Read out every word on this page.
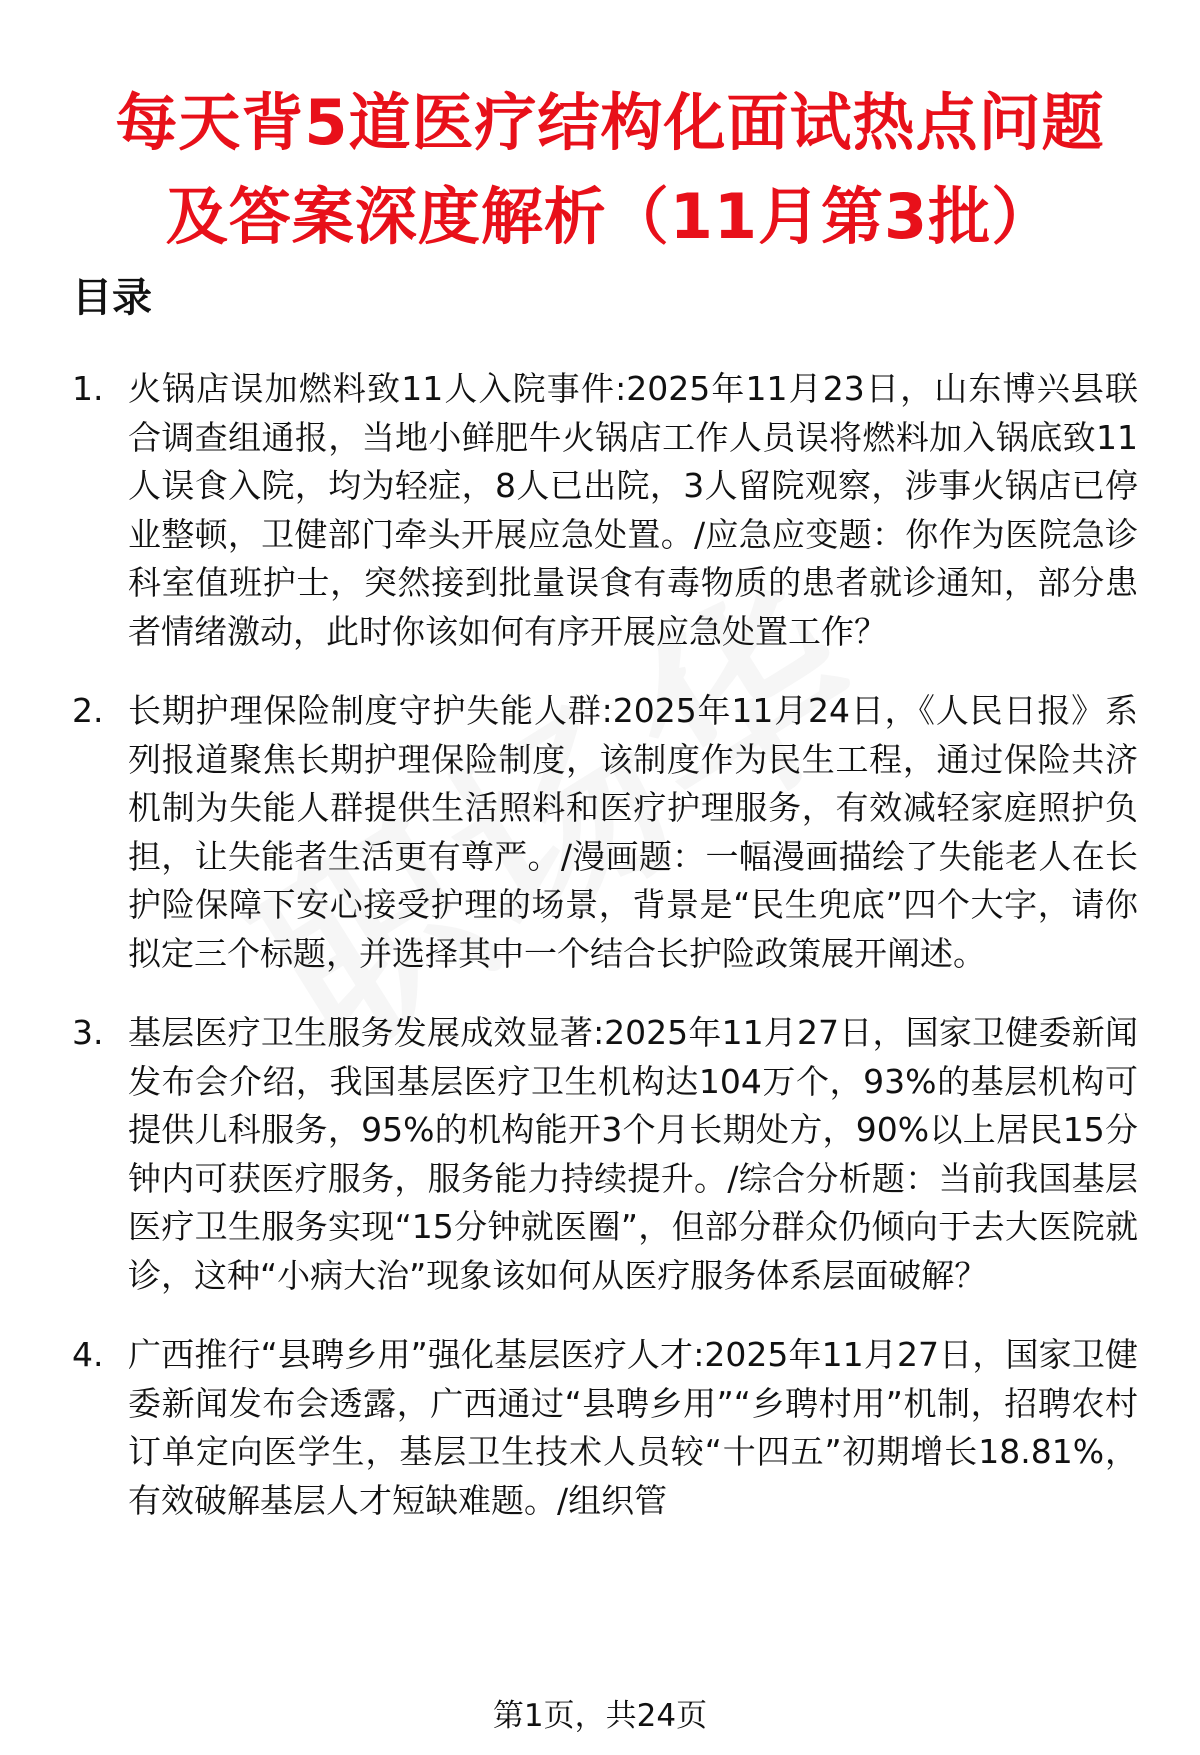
每天背5道医疗结构化面试热点问题
及答案深度解析（11月第3批）
目录
1. 火锅店误加燃料致11人入院事件:2025年11月23日，山东博兴县联合调查组通报，当地小鲜肥牛火锅店工作人员误将燃料加入锅底致11人误食入院，均为轻症，8人已出院，3人留院观察，涉事火锅店已停业整顿，卫健部门牵头开展应急处置。/应急应变题：你作为医院急诊科室值班护士，突然接到批量误食有毒物质的患者就诊通知，部分患者情绪激动，此时你该如何有序开展应急处置工作？
2. 长期护理保险制度守护失能人群:2025年11月24日，《人民日报》系列报道聚焦长期护理保险制度，该制度作为民生工程，通过保险共济机制为失能人群提供生活照料和医疗护理服务，有效减轻家庭照护负担，让失能者生活更有尊严。/漫画题：一幅漫画描绘了失能老人在长护险保障下安心接受护理的场景，背景是“民生兜底”四个大字，请你拟定三个标题，并选择其中一个结合长护险政策展开阐述。
3. 基层医疗卫生服务发展成效显著:2025年11月27日，国家卫健委新闻发布会介绍，我国基层医疗卫生机构达104万个，93%的基层机构可提供儿科服务，95%的机构能开3个月长期处方，90%以上居民15分钟内可获医疗服务，服务能力持续提升。/综合分析题：当前我国基层医疗卫生服务实现“15分钟就医圈”，但部分群众仍倾向于去大医院就诊，这种“小病大治”现象该如何从医疗服务体系层面破解？
4. 广西推行“县聘乡用”强化基层医疗人才:2025年11月27日，国家卫健委新闻发布会透露，广西通过“县聘乡用”“乡聘村用”机制，招聘农村订单定向医学生，基层卫生技术人员较“十四五”初期增长18.81%，有效破解基层人才短缺难题。/组织管
第1页，共24页
